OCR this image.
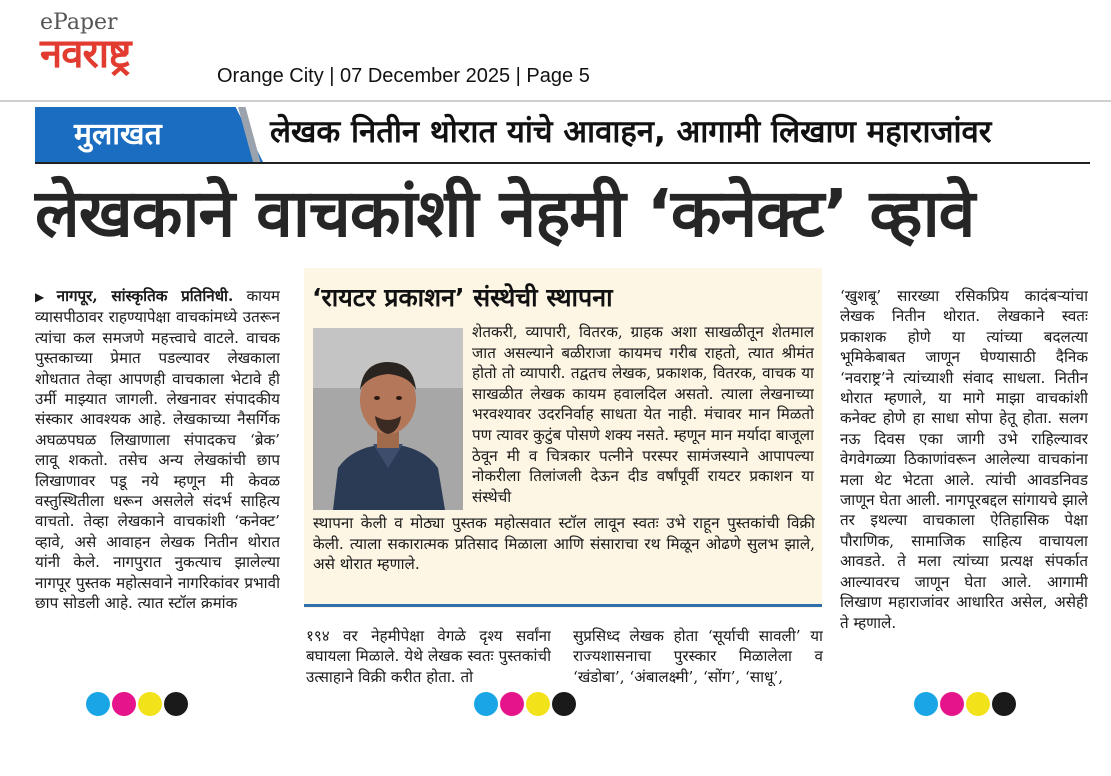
ePaper
नवराष्ट्र	Orange City | 07 December 2025 | Page 5
मुलाखत	लेखक नितीन थोरात यांचे आवाहन, आगामी लिखाण महाराजांवर
लेखकाने वाचकांशी नेहमी ‘कनेक्ट’ व्हावे
▶ नागपूर, सांस्कृतिक प्रतिनिधी. कायम व्यासपीठावर राहण्यापेक्षा वाचकांमध्ये उतरून त्यांचा कल समजणे महत्त्वाचे वाटले. वाचक पुस्तकाच्या प्रेमात पडल्यावर लेखकाला शोधतात तेव्हा आपणही वाचकाला भेटावे ही उर्मी माझ्यात जागली. लेखनावर संपादकीय संस्कार आवश्यक आहे. लेखकाच्या नैसर्गिक अघळपघळ लिखाणाला संपादकच ‘ब्रेक’ लावू शकतो. तसेच अन्य लेखकांची छाप लिखाणावर पडू नये म्हणून मी केवळ वस्तुस्थितीला धरून असलेले संदर्भ साहित्य वाचतो. तेव्हा लेखकाने वाचकांशी ‘कनेक्ट’ व्हावे, असे आवाहन लेखक नितीन थोरात यांनी केले. नागपुरात नुकत्याच झालेल्या नागपूर पुस्तक महोत्सवाने नागरिकांवर प्रभावी छाप सोडली आहे. त्यात स्टॉल क्रमांक
‘रायटर प्रकाशन’ संस्थेची स्थापना
शेतकरी, व्यापारी, वितरक, ग्राहक अशा साखळीतून शेतमाल जात असल्याने बळीराजा कायमच गरीब राहतो, त्यात श्रीमंत होतो तो व्यापारी. तद्वतच लेखक, प्रकाशक, वितरक, वाचक या साखळीत लेखक कायम हवालदिल असतो. त्याला लेखनाच्या भरवश्यावर उदरनिर्वाह साधता येत नाही. मंचावर मान मिळतो पण त्यावर कुटुंब पोसणे शक्य नसते. म्हणून मान मर्यादा बाजूला ठेवून मी व चित्रकार पत्नीने परस्पर सामंजस्याने आपापल्या नोकरीला तिलांजली देऊन दीड वर्षांपूर्वी रायटर प्रकाशन या संस्थेची
स्थापना केली व मोठ्या पुस्तक महोत्सवात स्टॉल लावून स्वतः उभे राहून पुस्तकांची विक्री केली. त्याला सकारात्मक प्रतिसाद मिळाला आणि संसाराचा रथ मिळून ओढणे सुलभ झाले, असे थोरात म्हणाले.
१९४ वर नेहमीपेक्षा वेगळे दृश्य सर्वांना बघायला मिळाले. येथे लेखक स्वतः पुस्तकांची उत्साहाने विक्री करीत होता. तो
सुप्रसिध्द लेखक होता ‘सूर्याची सावली’ या राज्यशासनाचा पुरस्कार मिळालेला व ‘खंडोबा’, ‘अंबालक्ष्मी’, ‘सोंग’, ‘साधू’,
‘खुशबू’ सारख्या रसिकप्रिय कादंबऱ्यांचा लेखक नितीन थोरात. लेखकाने स्वतः प्रकाशक होणे या त्यांच्या बदलत्या भूमिकेबाबत जाणून घेण्यासाठी दैनिक ‘नवराष्ट्र’ने त्यांच्याशी संवाद साधला. नितीन थोरात म्हणाले, या मागे माझा वाचकांशी कनेक्ट होणे हा साधा सोपा हेतू होता. सलग नऊ दिवस एका जागी उभे राहिल्यावर वेगवेगळ्या ठिकाणांवरून आलेल्या वाचकांना मला थेट भेटता आले. त्यांची आवडनिवड जाणून घेता आली. नागपूरबद्दल सांगायचे झाले तर इथल्या वाचकाला ऐतिहासिक पेक्षा पौराणिक, सामाजिक साहित्य वाचायला आवडते. ते मला त्यांच्या प्रत्यक्ष संपर्कात आल्यावरच जाणून घेता आले. आगामी लिखाण महाराजांवर आधारित असेल, असेही ते म्हणाले.
